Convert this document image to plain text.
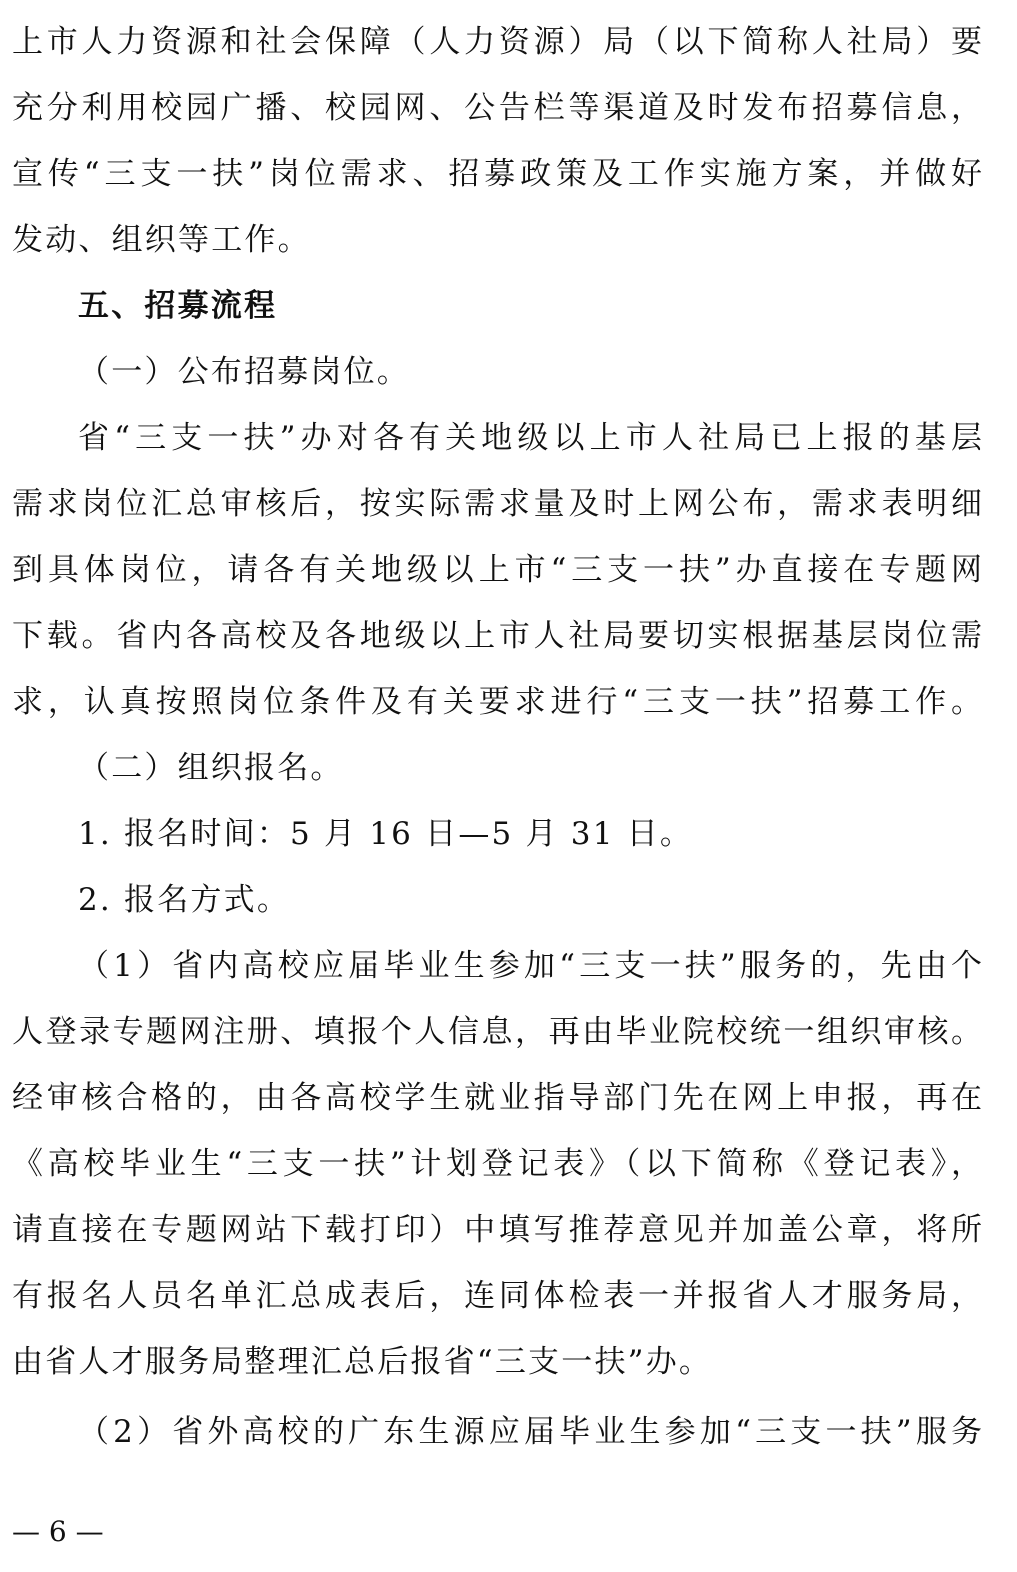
上市人力资源和社会保障（人力资源）局（以下简称人社局）要
充分利用校园广播、校园网、公告栏等渠道及时发布招募信息，
宣传“三支一扶”岗位需求、招募政策及工作实施方案，并做好
发动、组织等工作。
五、招募流程
（一）公布招募岗位。
省“三支一扶”办对各有关地级以上市人社局已上报的基层
需求岗位汇总审核后，按实际需求量及时上网公布，需求表明细
到具体岗位，请各有关地级以上市“三支一扶”办直接在专题网
下载。省内各高校及各地级以上市人社局要切实根据基层岗位需
求，认真按照岗位条件及有关要求进行“三支一扶”招募工作。
（二）组织报名。
1. 报名时间：5 月 16 日—5 月 31 日。
2. 报名方式。
（1）省内高校应届毕业生参加“三支一扶”服务的，先由个
人登录专题网注册、填报个人信息，再由毕业院校统一组织审核。
经审核合格的，由各高校学生就业指导部门先在网上申报，再在
《高校毕业生“三支一扶”计划登记表》（以下简称《登记表》，
请直接在专题网站下载打印）中填写推荐意见并加盖公章，将所
有报名人员名单汇总成表后，连同体检表一并报省人才服务局，
由省人才服务局整理汇总后报省“三支一扶”办。
（2）省外高校的广东生源应届毕业生参加“三支一扶”服务
— 6 —
